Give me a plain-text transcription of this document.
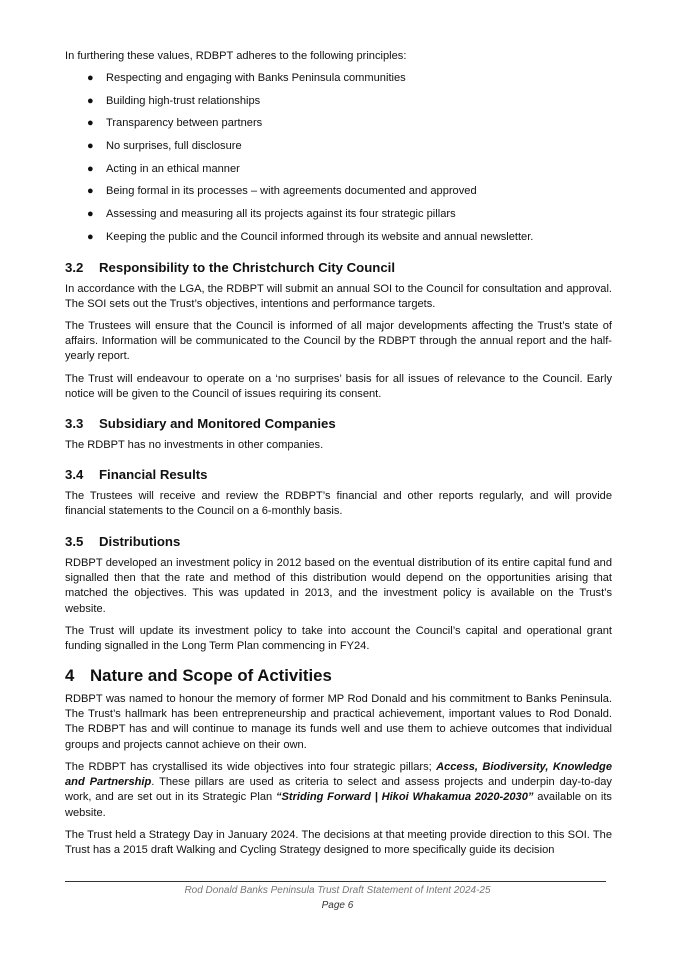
In furthering these values, RDBPT adheres to the following principles:

● Respecting and engaging with Banks Peninsula communities
● Building high-trust relationships
● Transparency between partners
● No surprises, full disclosure
● Acting in an ethical manner
● Being formal in its processes – with agreements documented and approved
● Assessing and measuring all its projects against its four strategic pillars
● Keeping the public and the Council informed through its website and annual newsletter.
3.2 Responsibility to the Christchurch City Council

In accordance with the LGA, the RDBPT will submit an annual SOI to the Council for consultation and approval. The SOI sets out the Trust’s objectives, intentions and performance targets.

The Trustees will ensure that the Council is informed of all major developments affecting the Trust’s state of affairs. Information will be communicated to the Council by the RDBPT through the annual report and the half-yearly report.

The Trust will endeavour to operate on a ‘no surprises’ basis for all issues of relevance to the Council. Early notice will be given to the Council of issues requiring its consent.

3.3 Subsidiary and Monitored Companies

The RDBPT has no investments in other companies.

3.4 Financial Results

The Trustees will receive and review the RDBPT’s financial and other reports regularly, and will provide financial statements to the Council on a 6-monthly basis.

3.5 Distributions

RDBPT developed an investment policy in 2012 based on the eventual distribution of its entire capital fund and signalled then that the rate and method of this distribution would depend on the opportunities arising that matched the objectives. This was updated in 2013, and the investment policy is available on the Trust’s website.

The Trust will update its investment policy to take into account the Council’s capital and operational grant funding signalled in the Long Term Plan commencing in FY24.

4 Nature and Scope of Activities

RDBPT was named to honour the memory of former MP Rod Donald and his commitment to Banks Peninsula. The Trust’s hallmark has been entrepreneurship and practical achievement, important values to Rod Donald. The RDBPT has and will continue to manage its funds well and use them to achieve outcomes that individual groups and projects cannot achieve on their own.

The RDBPT has crystallised its wide objectives into four strategic pillars; Access, Biodiversity, Knowledge and Partnership. These pillars are used as criteria to select and assess projects and underpin day-to-day work, and are set out in its Strategic Plan “Striding Forward | Hikoi Whakamua 2020-2030” available on its website.

The Trust held a Strategy Day in January 2024. The decisions at that meeting provide direction to this SOI. The Trust has a 2015 draft Walking and Cycling Strategy designed to more specifically guide its decision

Rod Donald Banks Peninsula Trust Draft Statement of Intent 2024-25
Page 6
